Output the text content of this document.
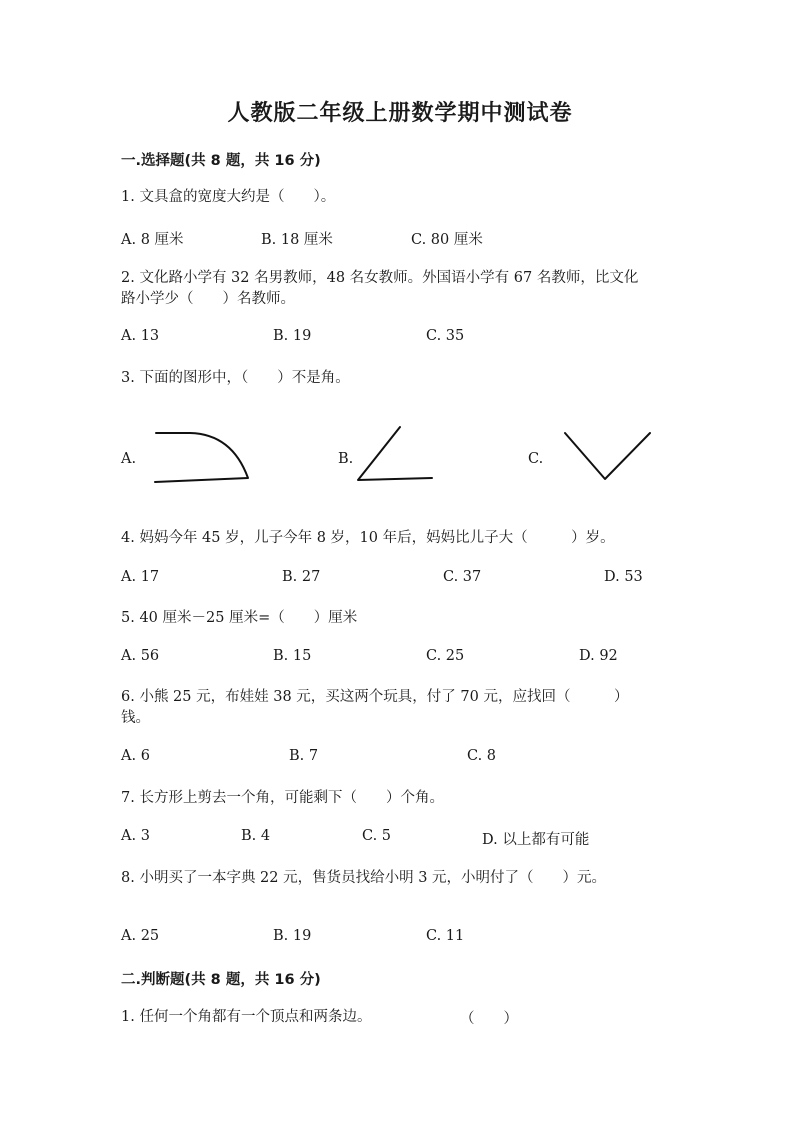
人教版二年级上册数学期中测试卷
一.选择题(共 8 题，共 16 分)
1. 文具盒的宽度大约是（　　）。
A. 8 厘米	B. 18 厘米	C. 80 厘米
2. 文化路小学有 32 名男教师，48 名女教师。外国语小学有 67 名教师，比文化
路小学少（　　）名教师。
A. 13	B. 19	C. 35
3. 下面的图形中，（　　）不是角。
A.	B.	C.
4. 妈妈今年 45 岁，儿子今年 8 岁，10 年后，妈妈比儿子大（　　　）岁。
A. 17	B. 27	C. 37	D. 53
5. 40 厘米－25 厘米=（　　）厘米
A. 56	B. 15	C. 25	D. 92
6. 小熊 25 元，布娃娃 38 元，买这两个玩具，付了 70 元，应找回（　　　）
钱。
A. 6	B. 7	C. 8
7. 长方形上剪去一个角，可能剩下（　　）个角。
A. 3	B. 4	C. 5	D. 以上都有可能
8. 小明买了一本字典 22 元，售货员找给小明 3 元，小明付了（　　）元。
A. 25	B. 19	C. 11
二.判断题(共 8 题，共 16 分)
1. 任何一个角都有一个顶点和两条边。	（　　）
